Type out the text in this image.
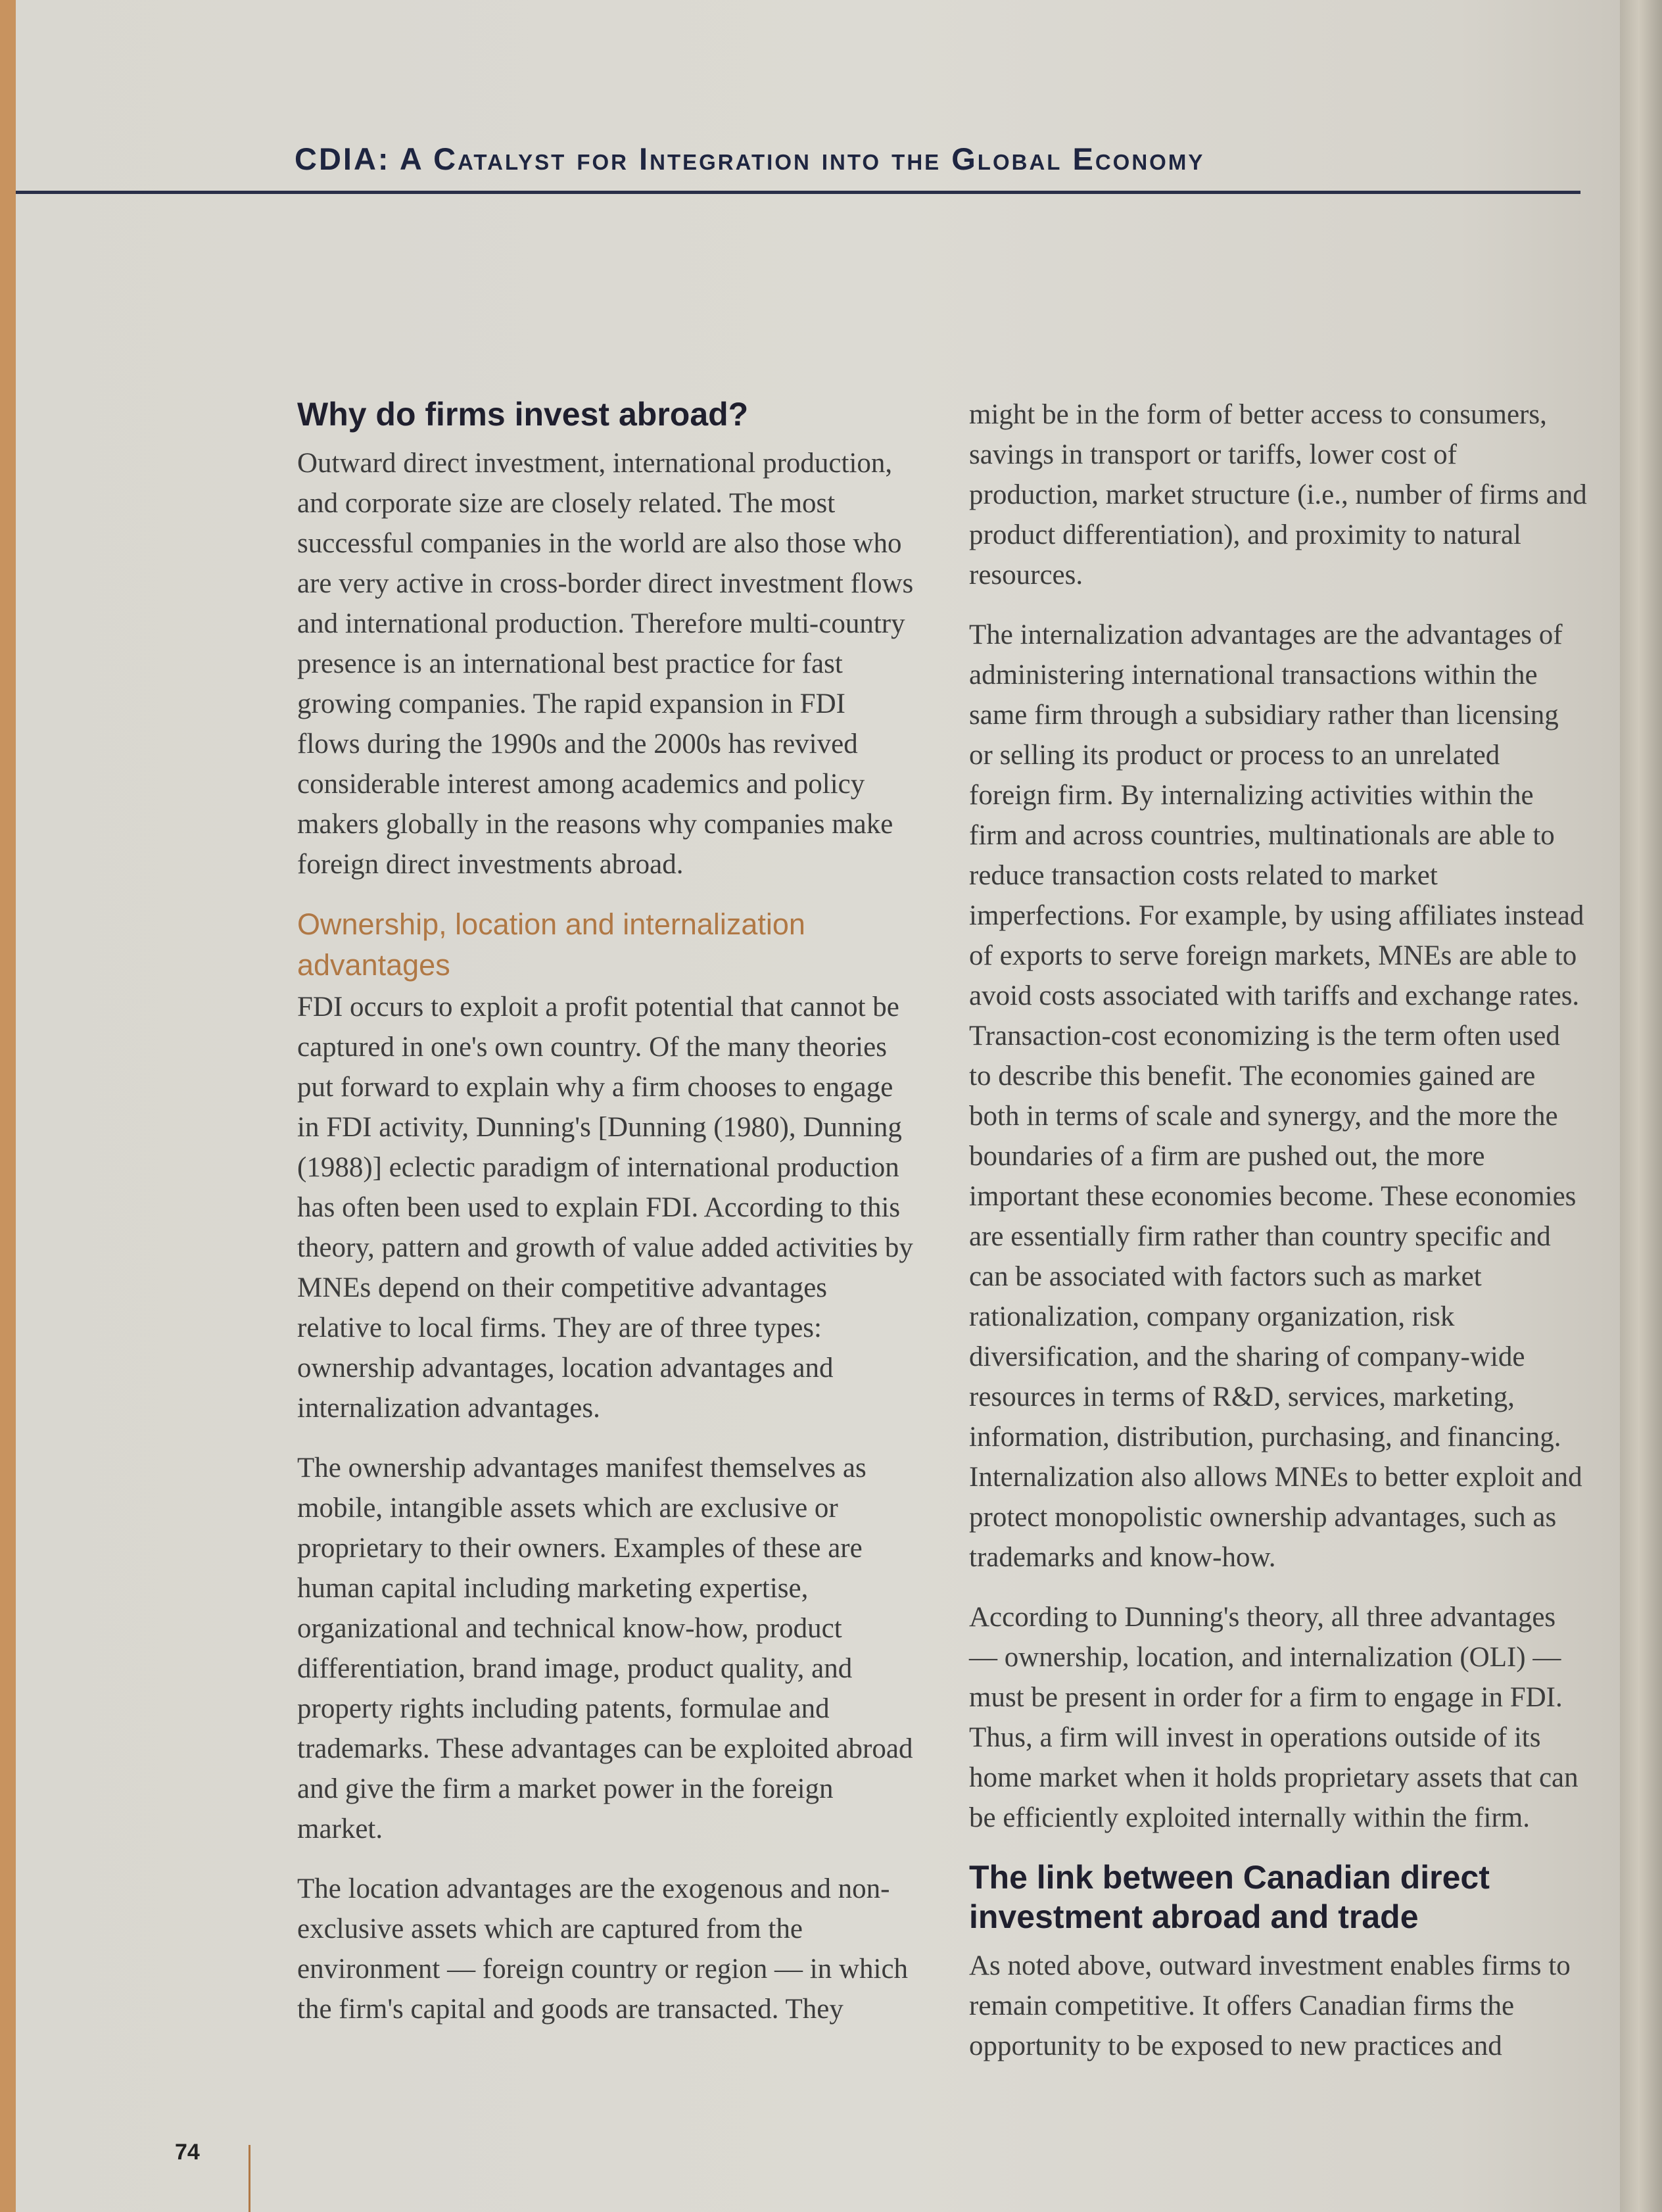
CDIA: A Catalyst for Integration into the Global Economy
Why do firms invest abroad?

Outward direct investment, international production, and corporate size are closely related. The most successful companies in the world are also those who are very active in cross-border direct investment flows and international production. Therefore multi-country presence is an international best practice for fast growing companies. The rapid expansion in FDI flows during the 1990s and the 2000s has revived considerable interest among academics and policy makers globally in the reasons why companies make foreign direct investments abroad.

Ownership, location and internalization advantages

FDI occurs to exploit a profit potential that cannot be captured in one's own country. Of the many theories put forward to explain why a firm chooses to engage in FDI activity, Dunning's [Dunning (1980), Dunning (1988)] eclectic paradigm of international production has often been used to explain FDI. According to this theory, pattern and growth of value added activities by MNEs depend on their competitive advantages relative to local firms. They are of three types: ownership advantages, location advantages and internalization advantages.

The ownership advantages manifest themselves as mobile, intangible assets which are exclusive or proprietary to their owners. Examples of these are human capital including marketing expertise, organizational and technical know-how, product differentiation, brand image, product quality, and property rights including patents, formulae and trademarks. These advantages can be exploited abroad and give the firm a market power in the foreign market.

The location advantages are the exogenous and non-exclusive assets which are captured from the environment — foreign country or region — in which the firm's capital and goods are transacted. They

might be in the form of better access to consumers, savings in transport or tariffs, lower cost of production, market structure (i.e., number of firms and product differentiation), and proximity to natural resources.

The internalization advantages are the advantages of administering international transactions within the same firm through a subsidiary rather than licensing or selling its product or process to an unrelated foreign firm. By internalizing activities within the firm and across countries, multinationals are able to reduce transaction costs related to market imperfections. For example, by using affiliates instead of exports to serve foreign markets, MNEs are able to avoid costs associated with tariffs and exchange rates. Transaction-cost economizing is the term often used to describe this benefit. The economies gained are both in terms of scale and synergy, and the more the boundaries of a firm are pushed out, the more important these economies become. These economies are essentially firm rather than country specific and can be associated with factors such as market rationalization, company organization, risk diversification, and the sharing of company-wide resources in terms of R&D, services, marketing, information, distribution, purchasing, and financing. Internalization also allows MNEs to better exploit and protect monopolistic ownership advantages, such as trademarks and know-how.

According to Dunning's theory, all three advantages — ownership, location, and internalization (OLI) — must be present in order for a firm to engage in FDI. Thus, a firm will invest in operations outside of its home market when it holds proprietary assets that can be efficiently exploited internally within the firm.

The link between Canadian direct investment abroad and trade

As noted above, outward investment enables firms to remain competitive. It offers Canadian firms the opportunity to be exposed to new practices and

74
